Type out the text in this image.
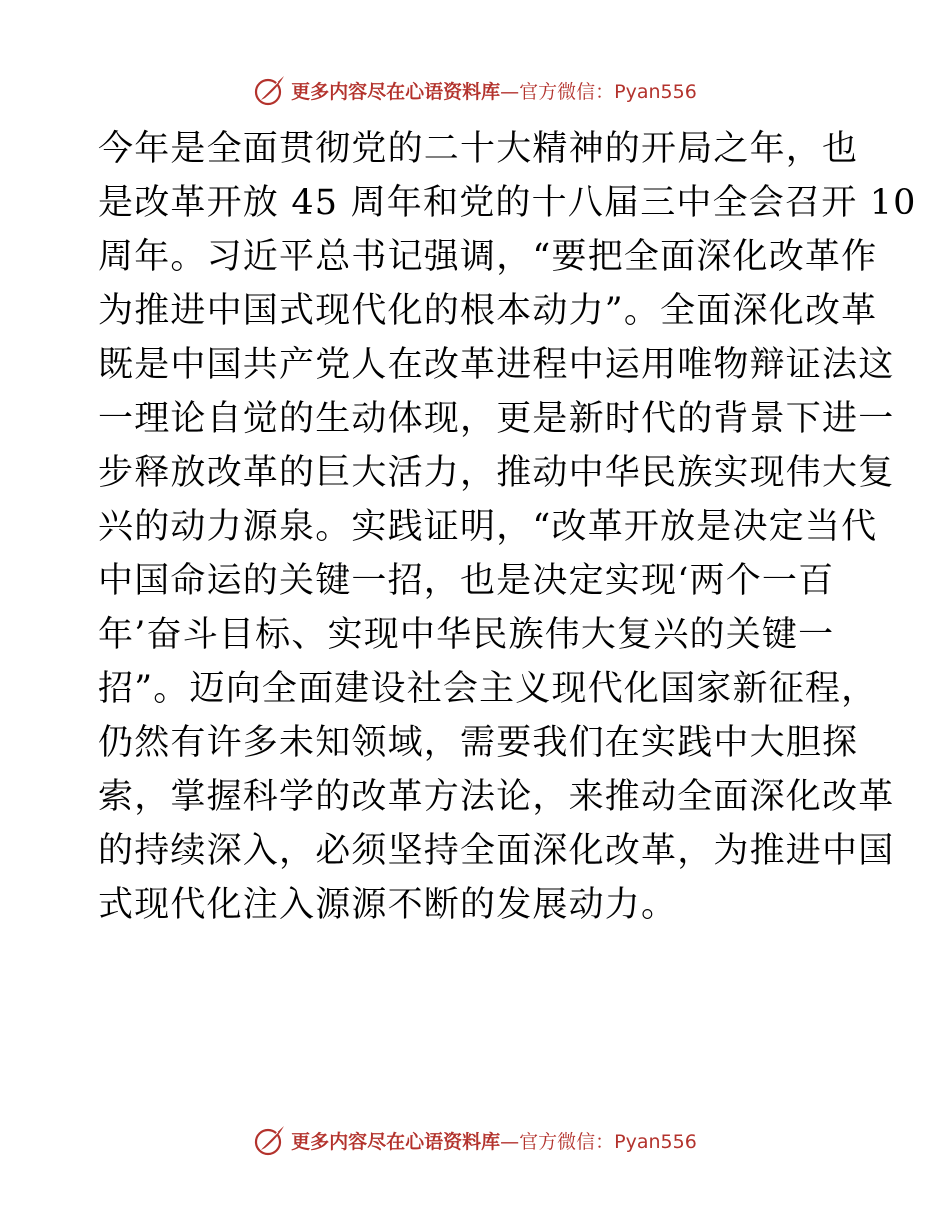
更多内容尽在心语资料库 —官方微信：Pyan556
今年是全面贯彻党的二十大精神的开局之年，也
是改革开放 45 周年和党的十八届三中全会召开 10
周年。习近平总书记强调，“要把全面深化改革作
为推进中国式现代化的根本动力”。全面深化改革
既是中国共产党人在改革进程中运用唯物辩证法这
一理论自觉的生动体现，更是新时代的背景下进一
步释放改革的巨大活力，推动中华民族实现伟大复
兴的动力源泉。实践证明，“改革开放是决定当代
中国命运的关键一招，也是决定实现‘两个一百
年’奋斗目标、实现中华民族伟大复兴的关键一
招”。迈向全面建设社会主义现代化国家新征程，
仍然有许多未知领域，需要我们在实践中大胆探
索，掌握科学的改革方法论，来推动全面深化改革
的持续深入，必须坚持全面深化改革，为推进中国
式现代化注入源源不断的发展动力。
更多内容尽在心语资料库 —官方微信：Pyan556
